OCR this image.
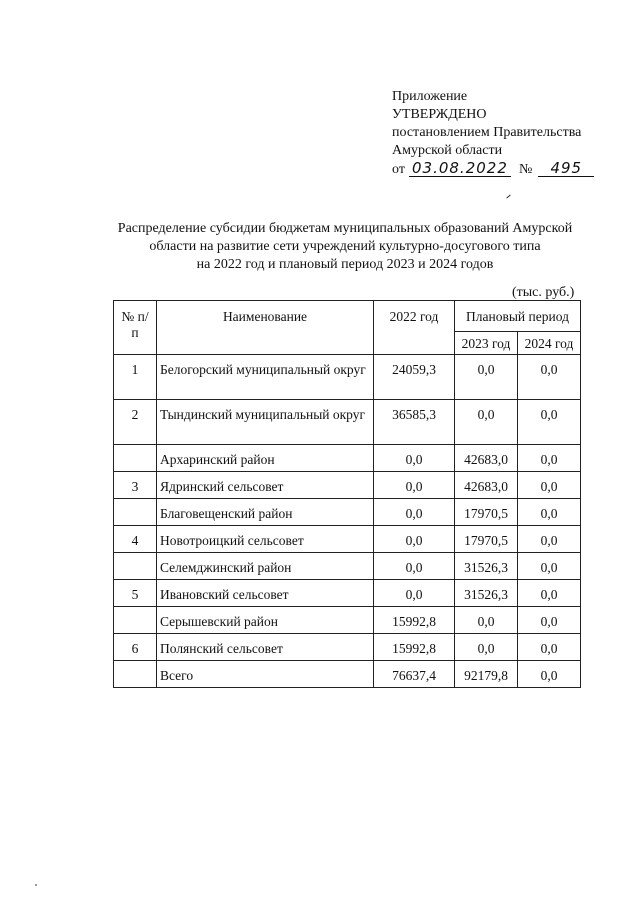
Приложение
УТВЕРЖДЕНО
постановлением Правительства
Амурской области
от 03.08.2022 №	495
Распределение субсидии бюджетам муниципальных образований Амурской
области на развитие сети учреждений культурно-досугового типа
на 2022 год и плановый период 2023 и 2024 годов
(тыс. руб.)
№ п/п	Наименование	2022 год	Плановый период	

			2023 год	2024 год

1	Белогорский муниципальный округ	24059,3	0,0	0,0

2	Тындинский муниципальный округ	36585,3	0,0	0,0

	Архаринский район	0,0	42683,0	0,0

3	Ядринский сельсовет	0,0	42683,0	0,0

	Благовещенский район	0,0	17970,5	0,0

4	Новотроицкий сельсовет	0,0	17970,5	0,0

	Селемджинский район	0,0	31526,3	0,0

5	Ивановский сельсовет	0,0	31526,3	0,0

	Серышевский район	15992,8	0,0	0,0

6	Полянский сельсовет	15992,8	0,0	0,0

	Всего	76637,4	92179,8	0,0
